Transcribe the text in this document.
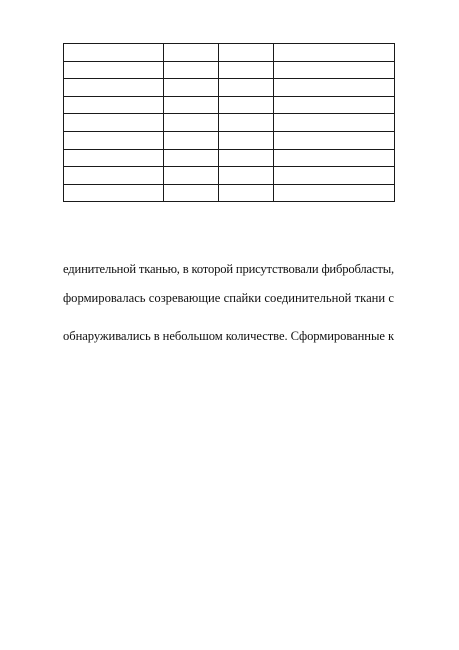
единительной тканью, в которой присутствовали фибробласты,
формировалась созревающие спайки соединительной ткани с
обнаруживались в небольшом количестве. Сформированные к
